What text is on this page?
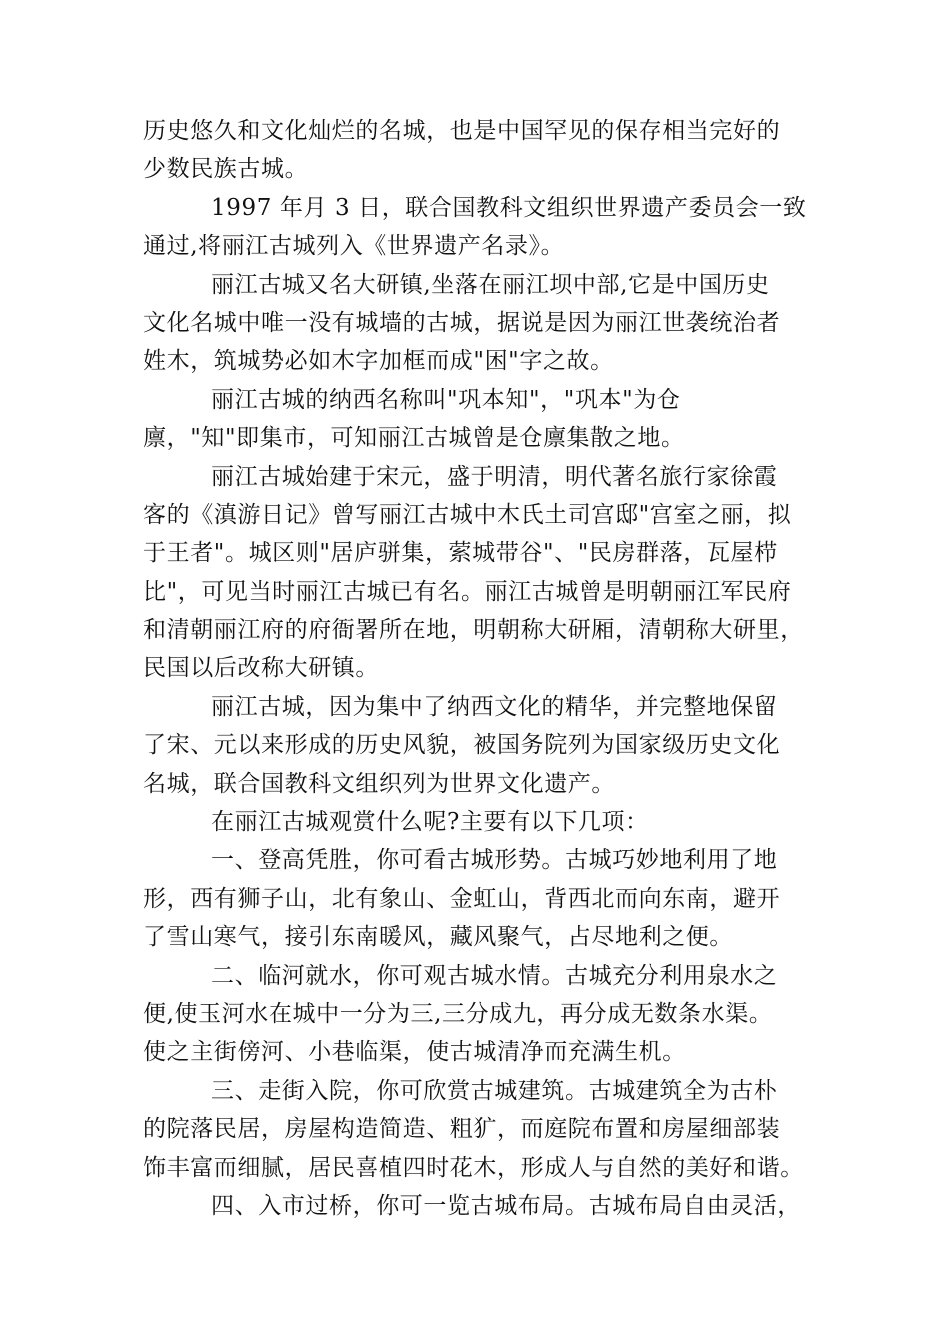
历史悠久和文化灿烂的名城，也是中国罕见的保存相当完好的
少数民族古城。
1997 年月 3 日，联合国教科文组织世界遗产委员会一致
通过,将丽江古城列入《世界遗产名录》。
丽江古城又名大研镇,坐落在丽江坝中部,它是中国历史
文化名城中唯一没有城墙的古城，据说是因为丽江世袭统治者
姓木，筑城势必如木字加框而成"困"字之故。
丽江古城的纳西名称叫"巩本知"，"巩本"为仓
廪，"知"即集市，可知丽江古城曾是仓廪集散之地。
丽江古城始建于宋元，盛于明清，明代著名旅行家徐霞
客的《滇游日记》曾写丽江古城中木氏土司宫邸"宫室之丽，拟
于王者"。城区则"居庐骈集，萦城带谷"、"民房群落，瓦屋栉
比"，可见当时丽江古城已有名。丽江古城曾是明朝丽江军民府
和清朝丽江府的府衙署所在地，明朝称大研厢，清朝称大研里，
民国以后改称大研镇。
丽江古城，因为集中了纳西文化的精华，并完整地保留
了宋、元以来形成的历史风貌，被国务院列为国家级历史文化
名城，联合国教科文组织列为世界文化遗产。
在丽江古城观赏什么呢?主要有以下几项：
一、登高凭胜，你可看古城形势。古城巧妙地利用了地
形，西有狮子山，北有象山、金虹山，背西北而向东南，避开
了雪山寒气，接引东南暖风，藏风聚气，占尽地利之便。
二、临河就水，你可观古城水情。古城充分利用泉水之
便,使玉河水在城中一分为三,三分成九，再分成无数条水渠。
使之主街傍河、小巷临渠，使古城清净而充满生机。
三、走街入院，你可欣赏古城建筑。古城建筑全为古朴
的院落民居，房屋构造简造、粗犷，而庭院布置和房屋细部装
饰丰富而细腻，居民喜植四时花木，形成人与自然的美好和谐。
四、入市过桥，你可一览古城布局。古城布局自由灵活，
